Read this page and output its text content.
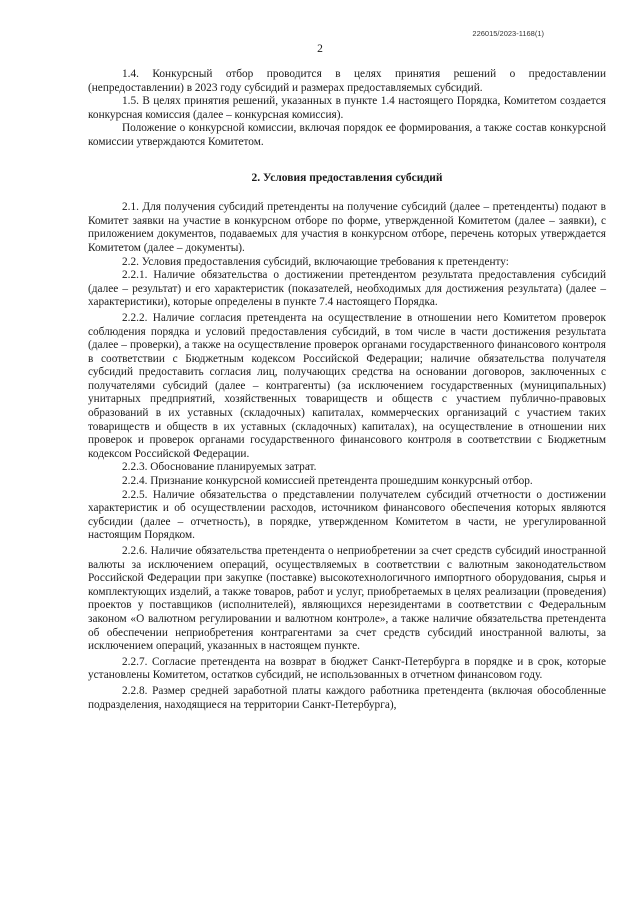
226015/2023-1168(1)
2

1.4. Конкурсный отбор проводится в целях принятия решений о предоставлении (непредоставлении) в 2023 году субсидий и размерах предоставляемых субсидий.

1.5. В целях принятия решений, указанных в пункте 1.4 настоящего Порядка, Комитетом создается конкурсная комиссия (далее – конкурсная комиссия).

Положение о конкурсной комиссии, включая порядок ее формирования, а также состав конкурсной комиссии утверждаются Комитетом.

2. Условия предоставления субсидий

2.1. Для получения субсидий претенденты на получение субсидий (далее – претенденты) подают в Комитет заявки на участие в конкурсном отборе по форме, утвержденной Комитетом (далее – заявки), с приложением документов, подаваемых для участия в конкурсном отборе, перечень которых утверждается Комитетом (далее – документы).

2.2. Условия предоставления субсидий, включающие требования к претенденту:

2.2.1. Наличие обязательства о достижении претендентом результата предоставления субсидий (далее – результат) и его характеристик (показателей, необходимых для достижения результата) (далее – характеристики), которые определены в пункте 7.4 настоящего Порядка.

2.2.2. Наличие согласия претендента на осуществление в отношении него Комитетом проверок соблюдения порядка и условий предоставления субсидий, в том числе в части достижения результата (далее – проверки), а также на осуществление проверок органами государственного финансового контроля в соответствии с Бюджетным кодексом Российской Федерации; наличие обязательства получателя субсидий предоставить согласия лиц, получающих средства на основании договоров, заключенных с получателями субсидий (далее – контрагенты) (за исключением государственных (муниципальных) унитарных предприятий, хозяйственных товариществ и обществ с участием публично-правовых образований в их уставных (складочных) капиталах, коммерческих организаций с участием таких товариществ и обществ в их уставных (складочных) капиталах), на осуществление в отношении них проверок и проверок органами государственного финансового контроля в соответствии с Бюджетным кодексом Российской Федерации.

2.2.3. Обоснование планируемых затрат.

2.2.4. Признание конкурсной комиссией претендента прошедшим конкурсный отбор.

2.2.5. Наличие обязательства о представлении получателем субсидий отчетности о достижении характеристик и об осуществлении расходов, источником финансового обеспечения которых являются субсидии (далее – отчетность), в порядке, утвержденном Комитетом в части, не урегулированной настоящим Порядком.

2.2.6. Наличие обязательства претендента о неприобретении за счет средств субсидий иностранной валюты за исключением операций, осуществляемых в соответствии с валютным законодательством Российской Федерации при закупке (поставке) высокотехнологичного импортного оборудования, сырья и комплектующих изделий, а также товаров, работ и услуг, приобретаемых в целях реализации (проведения) проектов у поставщиков (исполнителей), являющихся нерезидентами в соответствии с Федеральным законом «О валютном регулировании и валютном контроле», а также наличие обязательства претендента об обеспечении неприобретения контрагентами за счет средств субсидий иностранной валюты, за исключением операций, указанных в настоящем пункте.

2.2.7. Согласие претендента на возврат в бюджет Санкт-Петербурга в порядке и в срок, которые установлены Комитетом, остатков субсидий, не использованных в отчетном финансовом году.

2.2.8. Размер средней заработной платы каждого работника претендента (включая обособленные подразделения, находящиеся на территории Санкт-Петербурга),
